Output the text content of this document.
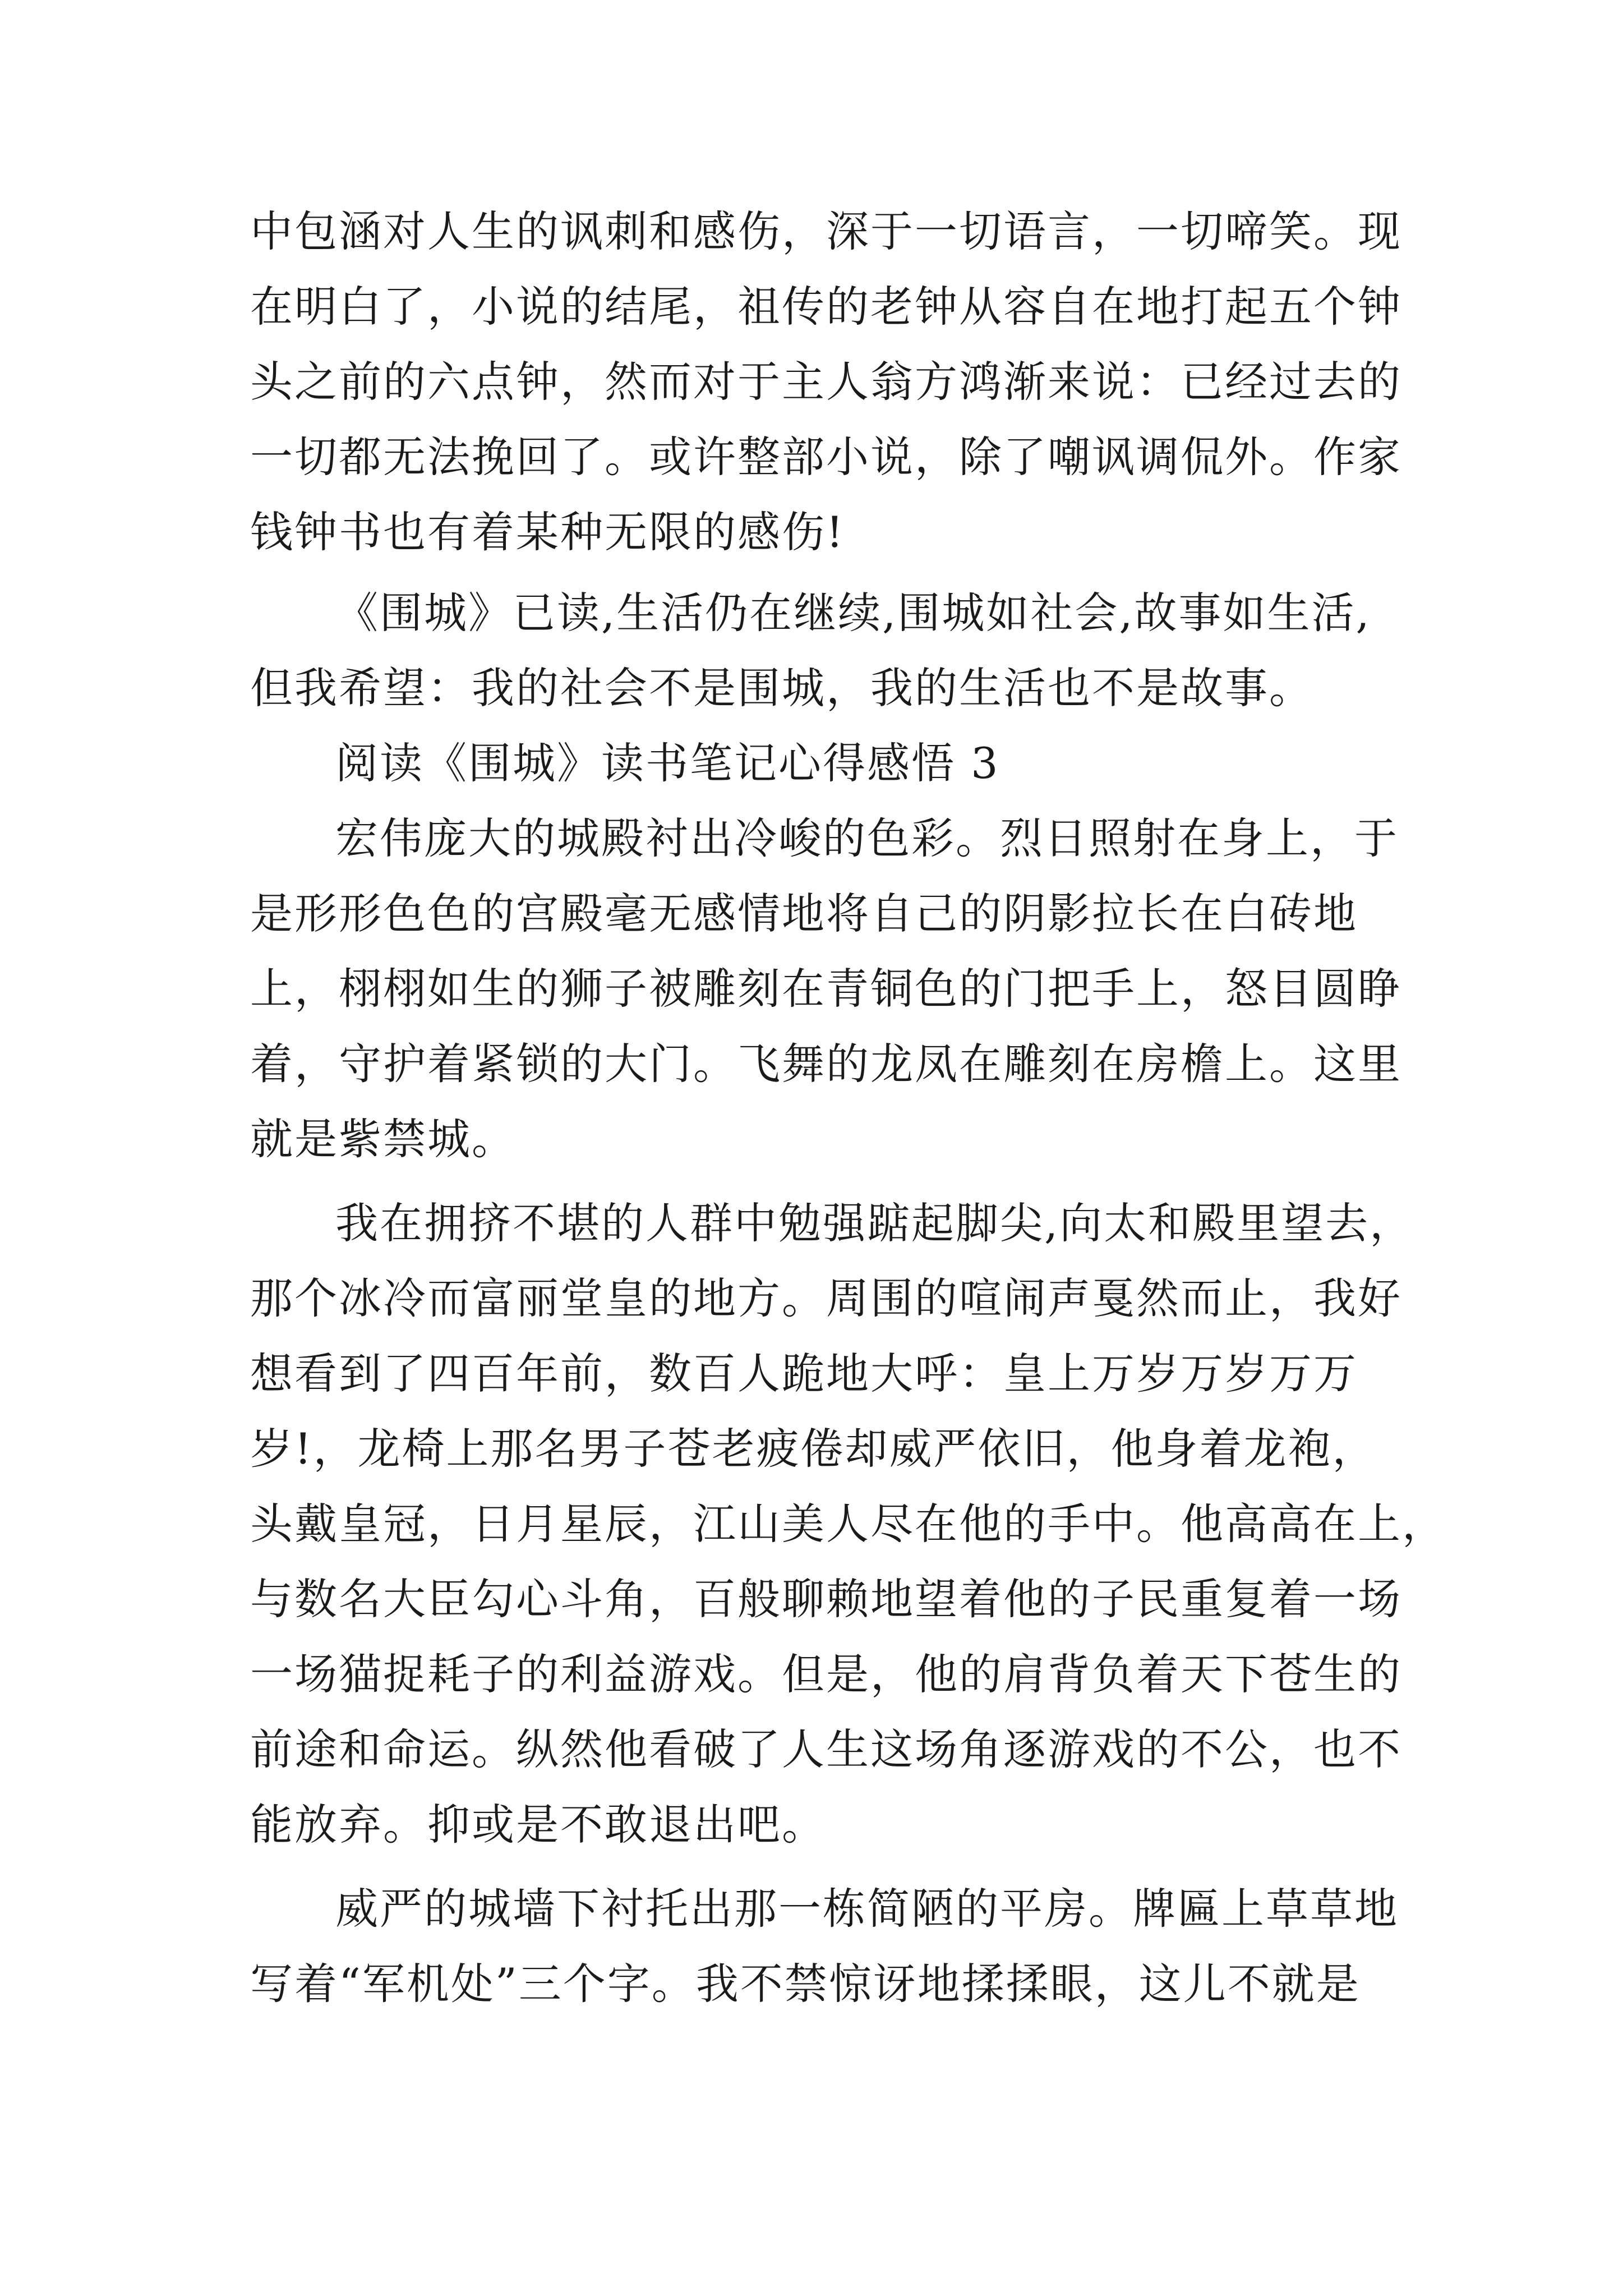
中包涵对人生的讽刺和感伤，深于一切语言，一切啼笑。现
在明白了，小说的结尾，祖传的老钟从容自在地打起五个钟
头之前的六点钟，然而对于主人翁方鸿渐来说：已经过去的
一切都无法挽回了。或许整部小说，除了嘲讽调侃外。作家
钱钟书也有着某种无限的感伤!
《围城》已读,生活仍在继续,围城如社会,故事如生活,
但我希望：我的社会不是围城，我的生活也不是故事。
阅读《围城》读书笔记心得感悟 3
宏伟庞大的城殿衬出冷峻的色彩。烈日照射在身上，于
是形形色色的宫殿毫无感情地将自己的阴影拉长在白砖地
上，栩栩如生的狮子被雕刻在青铜色的门把手上，怒目圆睁
着，守护着紧锁的大门。飞舞的龙凤在雕刻在房檐上。这里
就是紫禁城。
我在拥挤不堪的人群中勉强踮起脚尖,向太和殿里望去，
那个冰冷而富丽堂皇的地方。周围的喧闹声戛然而止，我好
想看到了四百年前，数百人跪地大呼：皇上万岁万岁万万
岁!，龙椅上那名男子苍老疲倦却威严依旧，他身着龙袍，
头戴皇冠，日月星辰，江山美人尽在他的手中。他高高在上，
与数名大臣勾心斗角，百般聊赖地望着他的子民重复着一场
一场猫捉耗子的利益游戏。但是，他的肩背负着天下苍生的
前途和命运。纵然他看破了人生这场角逐游戏的不公，也不
能放弃。抑或是不敢退出吧。
威严的城墙下衬托出那一栋简陋的平房。牌匾上草草地
写着“军机处”三个字。我不禁惊讶地揉揉眼，这儿不就是
